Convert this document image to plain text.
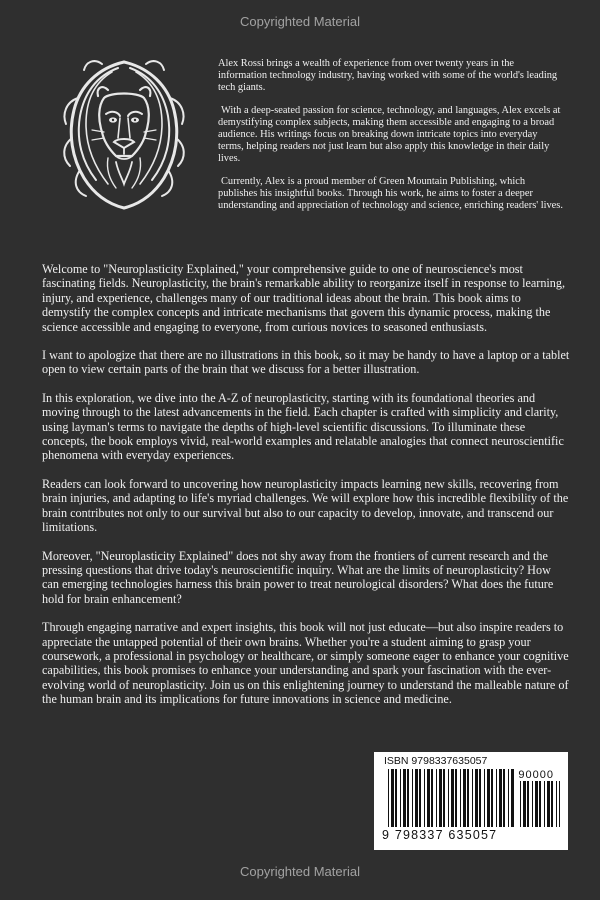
Copyrighted Material

Alex Rossi brings a wealth of experience from over twenty years in the information technology industry, having worked with some of the world's leading tech giants.

With a deep-seated passion for science, technology, and languages, Alex excels at demystifying complex subjects, making them accessible and engaging to a broad audience. His writings focus on breaking down intricate topics into everyday terms, helping readers not just learn but also apply this knowledge in their daily lives.

Currently, Alex is a proud member of Green Mountain Publishing, which publishes his insightful books. Through his work, he aims to foster a deeper understanding and appreciation of technology and science, enriching readers' lives.

Welcome to "Neuroplasticity Explained," your comprehensive guide to one of neuroscience's most fascinating fields. Neuroplasticity, the brain's remarkable ability to reorganize itself in response to learning, injury, and experience, challenges many of our traditional ideas about the brain. This book aims to demystify the complex concepts and intricate mechanisms that govern this dynamic process, making the science accessible and engaging to everyone, from curious novices to seasoned enthusiasts.

I want to apologize that there are no illustrations in this book, so it may be handy to have a laptop or a tablet open to view certain parts of the brain that we discuss for a better illustration.

In this exploration, we dive into the A-Z of neuroplasticity, starting with its foundational theories and moving through to the latest advancements in the field. Each chapter is crafted with simplicity and clarity, using layman's terms to navigate the depths of high-level scientific discussions. To illuminate these concepts, the book employs vivid, real-world examples and relatable analogies that connect neuroscientific phenomena with everyday experiences.

Readers can look forward to uncovering how neuroplasticity impacts learning new skills, recovering from brain injuries, and adapting to life's myriad challenges. We will explore how this incredible flexibility of the brain contributes not only to our survival but also to our capacity to develop, innovate, and transcend our limitations.

Moreover, "Neuroplasticity Explained" does not shy away from the frontiers of current research and the pressing questions that drive today's neuroscientific inquiry. What are the limits of neuroplasticity? How can emerging technologies harness this brain power to treat neurological disorders? What does the future hold for brain enhancement?

Through engaging narrative and expert insights, this book will not just educate—but also inspire readers to appreciate the untapped potential of their own brains. Whether you're a student aiming to grasp your coursework, a professional in psychology or healthcare, or simply someone eager to enhance your cognitive capabilities, this book promises to enhance your understanding and spark your fascination with the ever-evolving world of neuroplasticity. Join us on this enlightening journey to understand the malleable nature of the human brain and its implications for future innovations in science and medicine.

ISBN 9798337635057
90000
9 798337 635057
Copyrighted Material
